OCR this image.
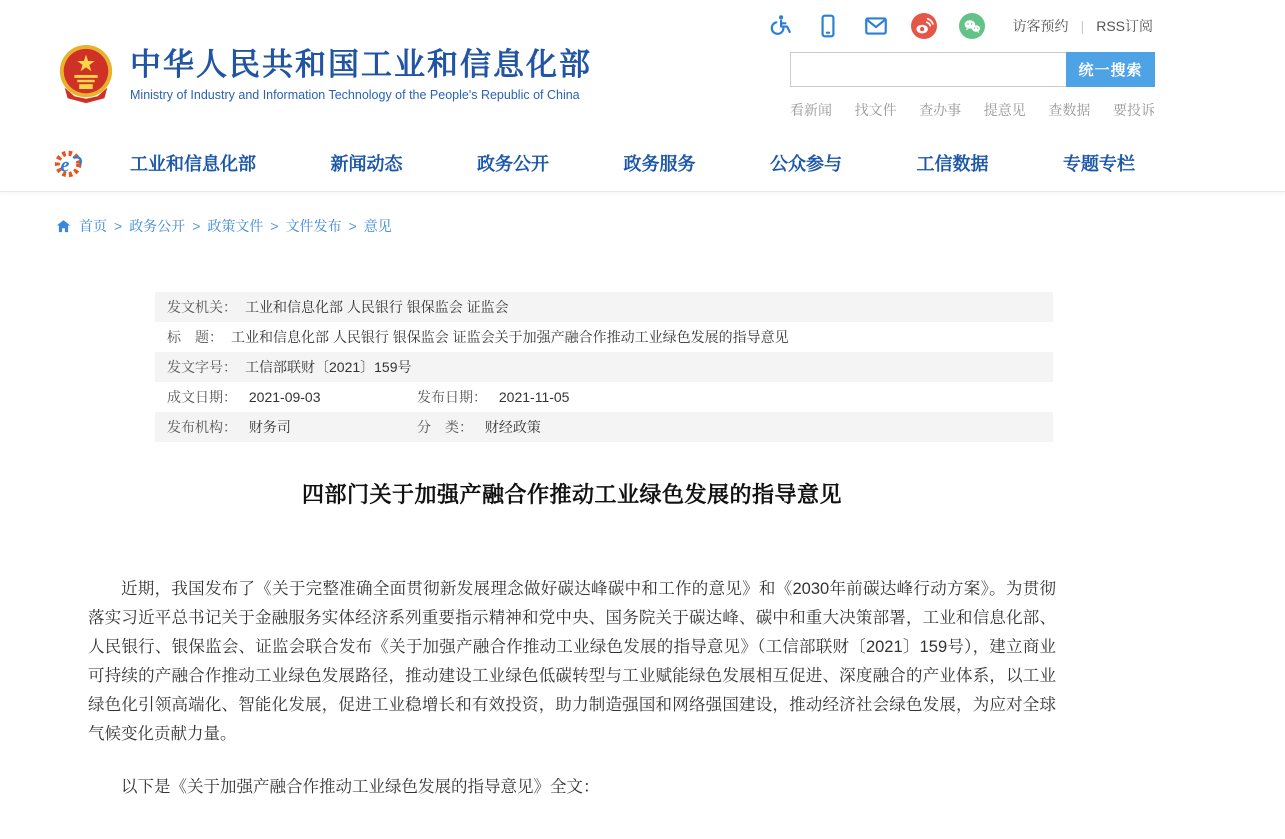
访客预约 | RSS订阅
中华人民共和国工业和信息化部
Ministry of Industry and Information Technology of the People's Republic of China
统一搜索
看新闻 找文件 查办事 提意见 查数据 要投诉
e	工业和信息化部	新闻动态	政务公开	政务服务	公众参与	工信数据	专题专栏
首页 > 政务公开 > 政策文件 > 文件发布 > 意见
发文机关： 工业和信息化部 人民银行 银保监会 证监会
标　题： 工业和信息化部 人民银行 银保监会 证监会关于加强产融合作推动工业绿色发展的指导意见
发文字号： 工信部联财〔2021〕159号
成文日期： 2021-09-03	发布日期： 2021-11-05
发布机构： 财务司	分　类： 财经政策
四部门关于加强产融合作推动工业绿色发展的指导意见

近期，我国发布了《关于完整准确全面贯彻新发展理念做好碳达峰碳中和工作的意见》和《2030年前碳达峰行动方案》。为贯彻落实习近平总书记关于金融服务实体经济系列重要指示精神和党中央、国务院关于碳达峰、碳中和重大决策部署，工业和信息化部、人民银行、银保监会、证监会联合发布《关于加强产融合作推动工业绿色发展的指导意见》（工信部联财〔2021〕159号），建立商业可持续的产融合作推动工业绿色发展路径，推动建设工业绿色低碳转型与工业赋能绿色发展相互促进、深度融合的产业体系，以工业绿色化引领高端化、智能化发展，促进工业稳增长和有效投资，助力制造强国和网络强国建设，推动经济社会绿色发展，为应对全球气候变化贡献力量。

以下是《关于加强产融合作推动工业绿色发展的指导意见》全文：
